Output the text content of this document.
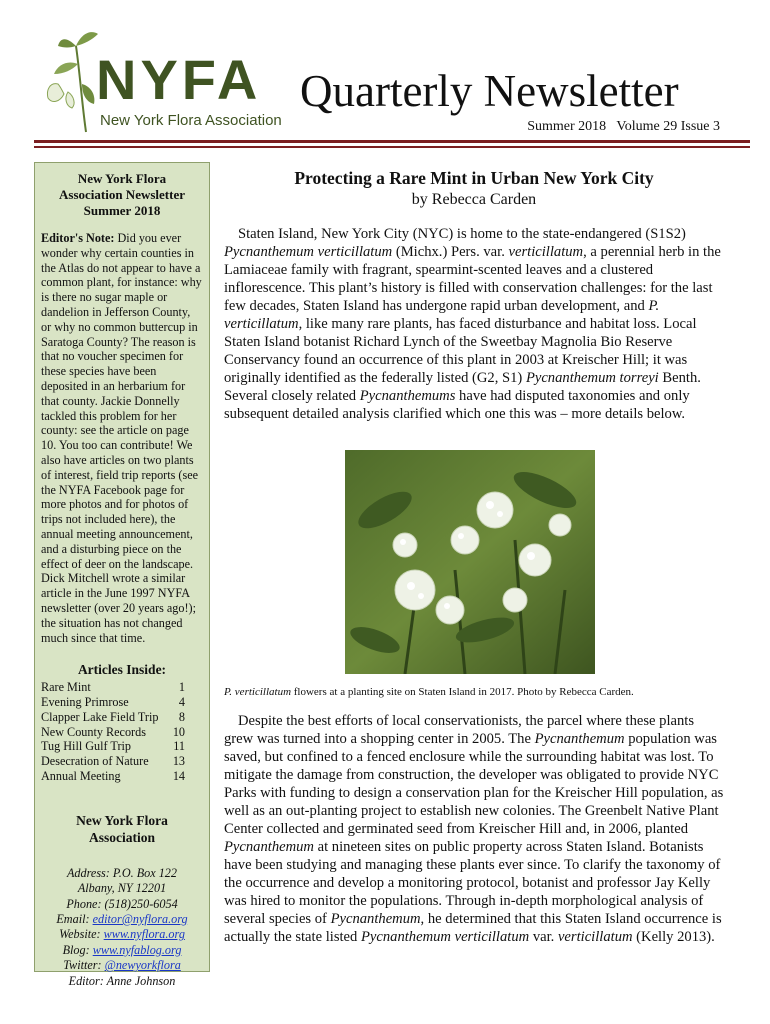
NYFA
New York Flora Association
Quarterly Newsletter
Summer 2018   Volume 29 Issue 3
New York Flora
Association Newsletter
Summer 2018
Editor's Note: Did you ever wonder why certain counties in the Atlas do not appear to have a common plant, for instance: why is there no sugar maple or dandelion in Jefferson County, or why no common buttercup in Saratoga County? The reason is that no voucher specimen for these species have been deposited in an herbarium for that county. Jackie Donnelly tackled this problem for her county: see the article on page 10. You too can contribute! We also have articles on two plants of interest, field trip reports (see the NYFA Facebook page for more photos and for photos of trips not included here), the annual meeting announcement, and a disturbing piece on the effect of deer on the landscape. Dick Mitchell wrote a similar article in the June 1997 NYFA newsletter (over 20 years ago!); the situation has not changed much since that time.
Articles Inside:
Rare Mint	1
Evening Primrose	4
Clapper Lake Field Trip 8
New County Records 10
Tug Hill Gulf Trip	11
Desecration of Nature 13
Annual Meeting	14
New York Flora
Association
Address: P.O. Box 122
Albany, NY 12201
Phone: (518)250-6054
Email: editor@nyflora.org
Website: www.nyflora.org
Blog: www.nyfablog.org
Twitter: @newyorkflora
Editor: Anne Johnson
Protecting a Rare Mint in Urban New York City
by Rebecca Carden

Staten Island, New York City (NYC) is home to the state-endangered (S1S2) Pycnanthemum verticillatum (Michx.) Pers. var. verticillatum, a perennial herb in the Lamiaceae family with fragrant, spearmint-scented leaves and a clustered inflorescence. This plant’s history is filled with conservation challenges: for the last few decades, Staten Island has undergone rapid urban development, and P. verticillatum, like many rare plants, has faced disturbance and habitat loss. Local Staten Island botanist Richard Lynch of the Sweetbay Magnolia Bio Reserve Conservancy found an occurrence of this plant in 2003 at Kreischer Hill; it was originally identified as the federally listed (G2, S1) Pycnanthemum torreyi Benth. Several closely related Pycnanthemums have had disputed taxonomies and only subsequent detailed analysis clarified which one this was – more details below.

P. verticillatum flowers at a planting site on Staten Island in 2017. Photo by Rebecca Carden.

Despite the best efforts of local conservationists, the parcel where these plants grew was turned into a shopping center in 2005. The Pycnanthemum population was saved, but confined to a fenced enclosure while the surrounding habitat was lost. To mitigate the damage from construction, the developer was obligated to provide NYC Parks with funding to design a conservation plan for the Kreischer Hill population, as well as an out-planting project to establish new colonies. The Greenbelt Native Plant Center collected and germinated seed from Kreischer Hill and, in 2006, planted Pycnanthemum at nineteen sites on public property across Staten Island. Botanists have been studying and managing these plants ever since. To clarify the taxonomy of the occurrence and develop a monitoring protocol, botanist and professor Jay Kelly was hired to monitor the populations. Through in-depth morphological analysis of several species of Pycnanthemum, he determined that this Staten Island occurrence is actually the state listed Pycnanthemum verticillatum var. verticillatum (Kelly 2013).
